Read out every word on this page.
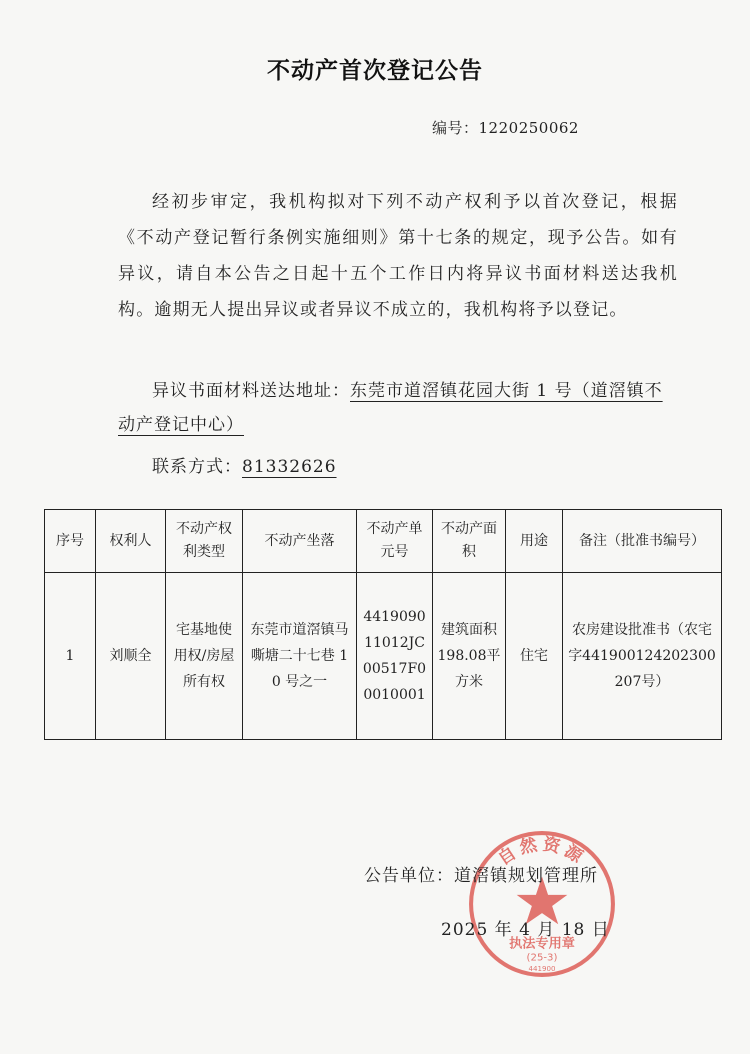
不动产首次登记公告
编号：1220250062
经初步审定，我机构拟对下列不动产权利予以首次登记，根据《不动产登记暂行条例实施细则》第十七条的规定，现予公告。如有异议，请自本公告之日起十五个工作日内将异议书面材料送达我机构。逾期无人提出异议或者异议不成立的，我机构将予以登记。
异议书面材料送达地址：东莞市道滘镇花园大街 1 号（道滘镇不动产登记中心）
联系方式：81332626
序号	权利人	不动产权利类型	不动产坐落	不动产单元号	不动产面积	用途	备注（批准书编号）
1	刘顺全	宅基地使用权/房屋所有权	东莞市道滘镇马嘶塘二十七巷 10 号之一	441909011012JC00517F00010001	建筑面积198.08平方米	住宅	农房建设批准书（农宅字441900124202300207号）
自然资源
执法专用章
(25-3)
441900
公告单位：道滘镇规划管理所
2025 年 4 月 18 日
